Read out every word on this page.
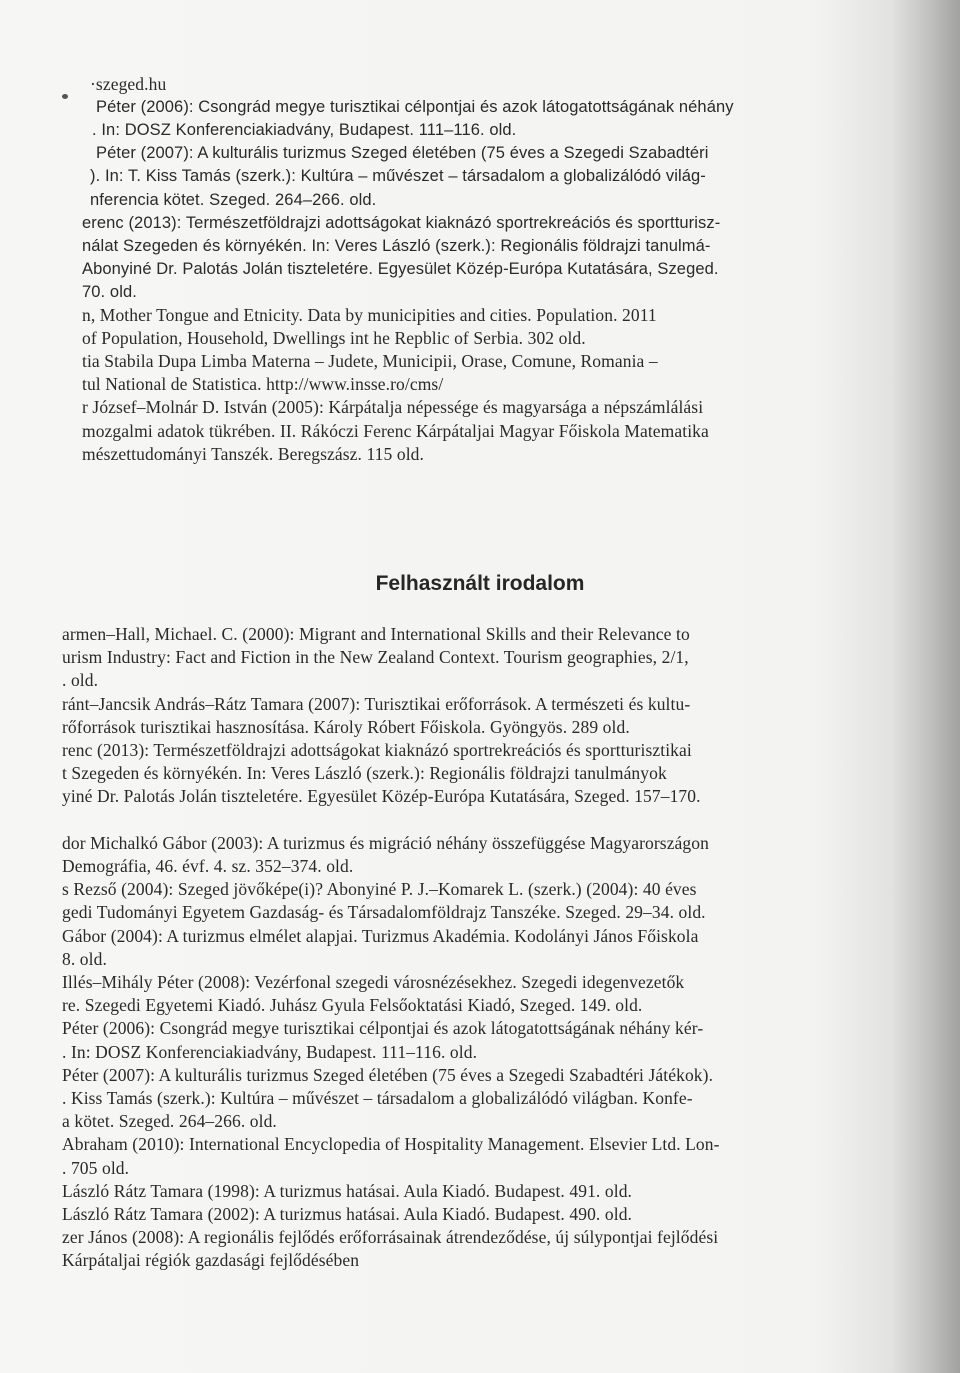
·szeged.hu
Péter (2006): Csongrád megye turisztikai célpontjai és azok látogatottságának néhány
. In: DOSZ Konferenciakiadvány, Budapest. 111–116. old.
Péter (2007): A kulturális turizmus Szeged életében (75 éves a Szegedi Szabadtéri
). In: T. Kiss Tamás (szerk.): Kultúra – művészet – társadalom a globalizálódó világ-
nferencia kötet. Szeged. 264–266. old.
erenc (2013): Természetföldrajzi adottságokat kiaknázó sportrekreációs és sportturisz-
nálat Szegeden és környékén. In: Veres László (szerk.): Regionális földrajzi tanulmá-
Abonyiné Dr. Palotás Jolán tiszteletére. Egyesület Közép-Európa Kutatására, Szeged.
70. old.
n, Mother Tongue and Etnicity. Data by municipities and cities. Population. 2011
of Population, Household, Dwellings int he Repblic of Serbia. 302 old.
tia Stabila Dupa Limba Materna – Judete, Municipii, Orase, Comune, Romania –
tul National de Statistica. http://www.insse.ro/cms/
r József–Molnár D. István (2005): Kárpátalja népessége és magyarsága a népszámlálási
mozgalmi adatok tükrében. II. Rákóczi Ferenc Kárpátaljai Magyar Főiskola Matematika
mészettudományi Tanszék. Beregszász. 115 old.
Felhasznált irodalom
armen–Hall, Michael. C. (2000): Migrant and International Skills and their Relevance to
urism Industry: Fact and Fiction in the New Zealand Context. Tourism geographies, 2/1,
. old.
ránt–Jancsik András–Rátz Tamara (2007): Turisztikai erőforrások. A természeti és kultu-
rőforrások turisztikai hasznosítása. Károly Róbert Főiskola. Gyöngyös. 289 old.
renc (2013): Természetföldrajzi adottságokat kiaknázó sportrekreációs és sportturisztikai
t Szegeden és környékén. In: Veres László (szerk.): Regionális földrajzi tanulmányok
yiné Dr. Palotás Jolán tiszteletére. Egyesület Közép-Európa Kutatására, Szeged. 157–170.
dor Michalkó Gábor (2003): A turizmus és migráció néhány összefüggése Magyarországon
Demográfia, 46. évf. 4. sz. 352–374. old.
s Rezső (2004): Szeged jövőképe(i)? Abonyiné P. J.–Komarek L. (szerk.) (2004): 40 éves
gedi Tudományi Egyetem Gazdaság- és Társadalomföldrajz Tanszéke. Szeged. 29–34. old.
Gábor (2004): A turizmus elmélet alapjai. Turizmus Akadémia. Kodolányi János Főiskola
8. old.
Illés–Mihály Péter (2008): Vezérfonal szegedi városnézésekhez. Szegedi idegenvezetők
re. Szegedi Egyetemi Kiadó. Juhász Gyula Felsőoktatási Kiadó, Szeged. 149. old.
Péter (2006): Csongrád megye turisztikai célpontjai és azok látogatottságának néhány kér-
. In: DOSZ Konferenciakiadvány, Budapest. 111–116. old.
Péter (2007): A kulturális turizmus Szeged életében (75 éves a Szegedi Szabadtéri Játékok).
. Kiss Tamás (szerk.): Kultúra – művészet – társadalom a globalizálódó világban. Konfe-
a kötet. Szeged. 264–266. old.
Abraham (2010): International Encyclopedia of Hospitality Management. Elsevier Ltd. Lon-
. 705 old.
László Rátz Tamara (1998): A turizmus hatásai. Aula Kiadó. Budapest. 491. old.
László Rátz Tamara (2002): A turizmus hatásai. Aula Kiadó. Budapest. 490. old.
zer János (2008): A regionális fejlődés erőforrásainak átrendeződése, új súlypontjai fejlődési
Kárpátaljai régiók gazdasági fejlődésében
